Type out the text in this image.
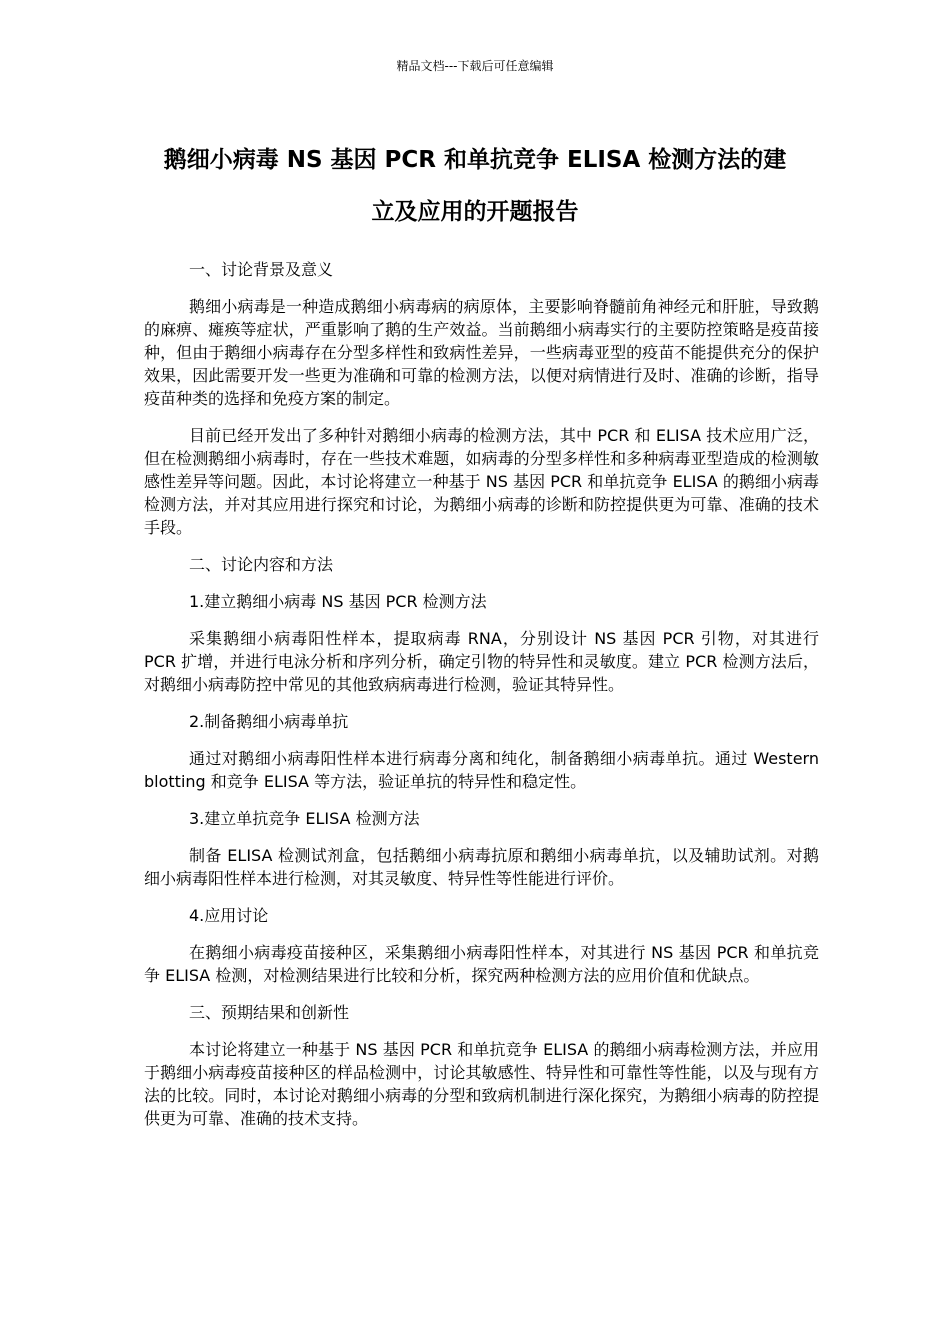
精品文档---下载后可任意编辑
鹅细小病毒 NS 基因 PCR 和单抗竞争 ELISA 检测方法的建
立及应用的开题报告
一、讨论背景及意义
鹅细小病毒是一种造成鹅细小病毒病的病原体，主要影响脊髓前角神经元和肝脏，导致鹅的麻痹、瘫痪等症状，严重影响了鹅的生产效益。当前鹅细小病毒实行的主要防控策略是疫苗接种，但由于鹅细小病毒存在分型多样性和致病性差异，一些病毒亚型的疫苗不能提供充分的保护效果，因此需要开发一些更为准确和可靠的检测方法，以便对病情进行及时、准确的诊断，指导疫苗种类的选择和免疫方案的制定。
目前已经开发出了多种针对鹅细小病毒的检测方法，其中 PCR 和 ELISA 技术应用广泛，但在检测鹅细小病毒时，存在一些技术难题，如病毒的分型多样性和多种病毒亚型造成的检测敏感性差异等问题。因此，本讨论将建立一种基于 NS 基因 PCR 和单抗竞争 ELISA 的鹅细小病毒检测方法，并对其应用进行探究和讨论，为鹅细小病毒的诊断和防控提供更为可靠、准确的技术手段。
二、讨论内容和方法
1.建立鹅细小病毒 NS 基因 PCR 检测方法
采集鹅细小病毒阳性样本，提取病毒 RNA，分别设计 NS 基因 PCR 引物，对其进行 PCR 扩增，并进行电泳分析和序列分析，确定引物的特异性和灵敏度。建立 PCR 检测方法后，对鹅细小病毒防控中常见的其他致病病毒进行检测，验证其特异性。
2.制备鹅细小病毒单抗
通过对鹅细小病毒阳性样本进行病毒分离和纯化，制备鹅细小病毒单抗。通过 Western blotting 和竞争 ELISA 等方法，验证单抗的特异性和稳定性。
3.建立单抗竞争 ELISA 检测方法
制备 ELISA 检测试剂盒，包括鹅细小病毒抗原和鹅细小病毒单抗，以及辅助试剂。对鹅细小病毒阳性样本进行检测，对其灵敏度、特异性等性能进行评价。
4.应用讨论
在鹅细小病毒疫苗接种区，采集鹅细小病毒阳性样本，对其进行 NS 基因 PCR 和单抗竞争 ELISA 检测，对检测结果进行比较和分析，探究两种检测方法的应用价值和优缺点。
三、预期结果和创新性
本讨论将建立一种基于 NS 基因 PCR 和单抗竞争 ELISA 的鹅细小病毒检测方法，并应用于鹅细小病毒疫苗接种区的样品检测中，讨论其敏感性、特异性和可靠性等性能，以及与现有方法的比较。同时，本讨论对鹅细小病毒的分型和致病机制进行深化探究，为鹅细小病毒的防控提供更为可靠、准确的技术支持。
